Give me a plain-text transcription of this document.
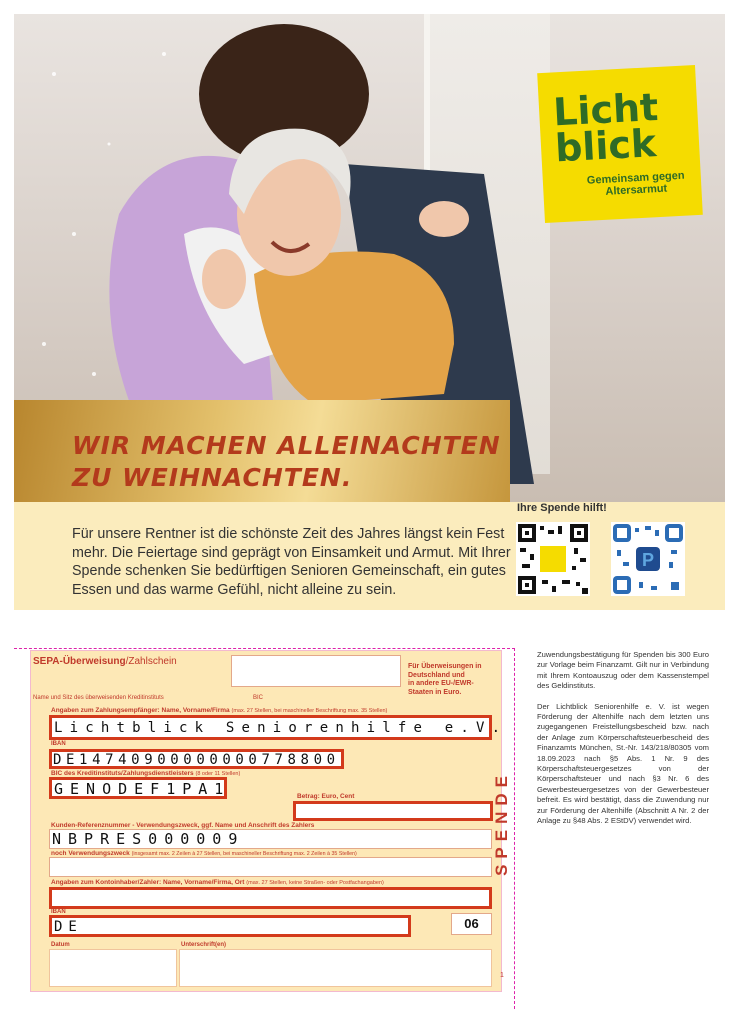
WIR MACHEN ALLEINACHTEN
ZU WEIHNACHTEN.
Licht
blick
Gemeinsam gegen
Altersarmut
Für unsere Rentner ist die schönste Zeit des Jahres längst kein Fest mehr. Die Feiertage sind geprägt von Einsamkeit und Armut. Mit Ihrer Spende schenken Sie bedürftigen Senioren Gemeinschaft, ein gutes Essen und das warme Gefühl, nicht alleine zu sein.
Ihre Spende hilft!
P
SEPA-Überweisung/Zahlschein
Name und Sitz des überweisenden Kreditinstituts	BIC
Für Überweisungen in
Deutschland und
in andere EU-/EWR-
Staaten in Euro.
Angaben zum Zahlungsempfänger: Name, Vorname/Firma (max. 27 Stellen, bei maschineller Beschriftung max. 35 Stellen)
Lichtblick Seniorenhilfe e.V.
IBAN
DE14740900000000778800
BIC des Kreditinstituts/Zahlungsdienstleisters (8 oder 11 Stellen)
GENODEF1PA1	Betrag: Euro, Cent
Kunden-Referenznummer - Verwendungszweck, ggf. Name und Anschrift des Zahlers
NBPRES000009
noch Verwendungszweck (insgesamt max. 2 Zeilen à 27 Stellen, bei maschineller Beschriftung max. 2 Zeilen à 35 Stellen)
Angaben zum Kontoinhaber/Zahler: Name, Vorname/Firma, Ort (max. 27 Stellen, keine Straßen- oder Postfachangaben)
IBAN
DE	06
Datum	Unterschrift(en)
SPENDE
1
Zuwendungsbestätigung für Spenden bis 300 Euro zur Vorlage beim Finanzamt. Gilt nur in Verbindung mit Ihrem Kontoauszug oder dem Kassenstempel des Geldinstituts.
Der Lichtblick Seniorenhilfe e. V. ist wegen Förderung der Altenhilfe nach dem letzten uns zugegangenen Freistellungsbescheid bzw. nach der Anlage zum Körperschaftsteuerbescheid des Finanzamts München, St.-Nr. 143/218/80305 vom 18.09.2023 nach §5 Abs. 1 Nr. 9 des Körperschaftsteuergesetzes von der Körperschaftsteuer und nach §3 Nr. 6 des Gewerbesteuergesetzes von der Gewerbesteuer befreit. Es wird bestätigt, dass die Zuwendung nur zur Förderung der Altenhilfe (Abschnitt A Nr. 2 der Anlage zu §48 Abs. 2 EStDV) verwendet wird.
